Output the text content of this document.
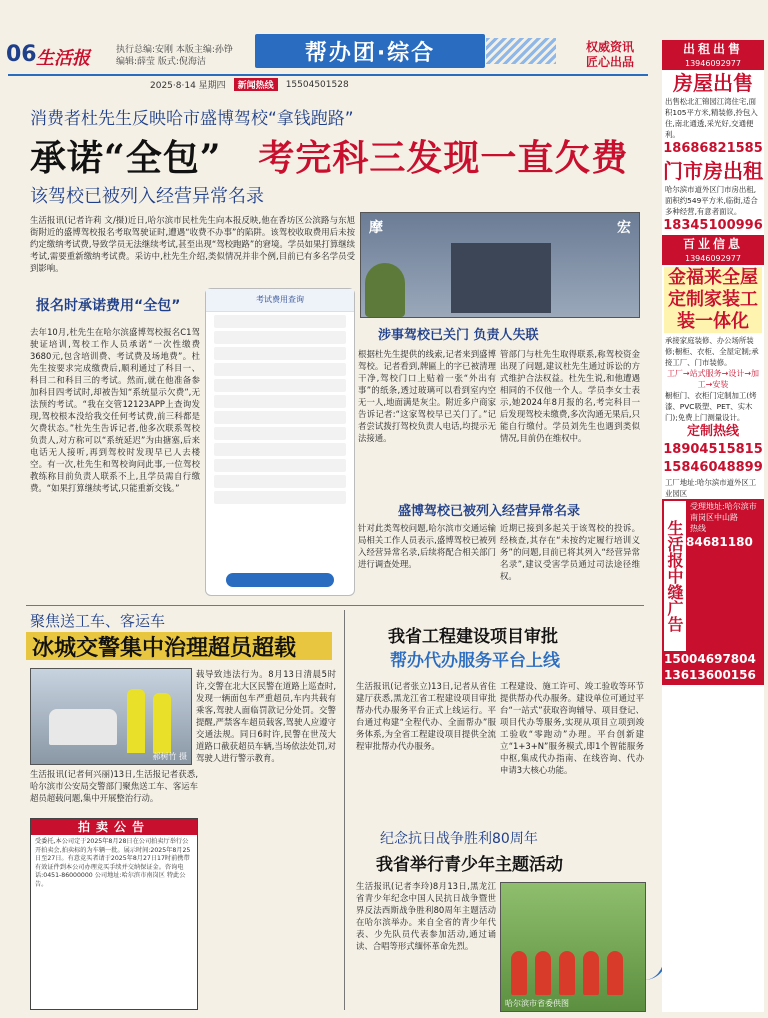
06 生活报	执行总编:安刚 本版主编:孙铮
编辑:薛莹 版式:倪海洁	帮办团·综合	权威资讯
匠心出品
2025·8·14 星期四	新闻热线	15504501528
消费者杜先生反映哈市盛博驾校“拿钱跑路”
承诺“全包”  考完科三发现一直欠费
该驾校已被列入经营异常名录
生活报讯(记者许莉 文/摄)近日,哈尔滨市民杜先生向本报反映,他在香坊区公滨路与东旭街附近的盛博驾校报名考取驾驶证时,遭遇“收费不办事”的陷阱。该驾校收取费用后未按约定缴纳考试费,导致学员无法继续考试,甚至出现“驾校跑路”的窘境。学员如果打算继续考试,需要重新缴纳考试费。采访中,杜先生介绍,类似情况并非个例,目前已有多名学员受到影响。
摩	宏
报名时承诺费用“全包”	考试费用查询
去年10月,杜先生在哈尔滨盛博驾校报名C1驾驶证培训,驾校工作人员承诺“一次性缴费3680元,包含培训费、考试费及场地费”。杜先生按要求完成缴费后,顺利通过了科目一、科目二和科目三的考试。然而,就在他准备参加科目四考试时,却被告知“系统显示欠费”,无法预约考试。“我在交管12123APP上查询发现,驾校根本没给我交任何考试费,前三科都是欠费状态。”杜先生告诉记者,他多次联系驾校负责人,对方称可以“系统延迟”为由搪塞,后来电话无人接听,再到驾校时发现早已人去楼空。有一次,杜先生和驾校询问此事,一位驾校教练称目前负责人联系不上,且学员需自行缴费。“如果打算继续考试,只能重新交钱。”
涉事驾校已关门 负责人失联
根据杜先生提供的线索,记者来到盛博驾校。记者看到,牌匾上的字已被清理干净,驾校门口上贴着一张“外出有事”的纸条,透过玻璃可以看到室内空无一人,地面满是灰尘。附近多户商家告诉记者:“这家驾校早已关门了。”记者尝试拨打驾校负责人电话,均提示无法接通。
管部门与杜先生取得联系,称驾校资金出现了问题,建议杜先生通过诉讼的方式维护合法权益。杜先生说,和他遭遇相同的不仅他一个人。学员李女士表示,她2024年8月报的名,考完科目一后发现驾校未缴费,多次沟通无果后,只能自行缴付。学员刘先生也遇到类似情况,目前仍在维权中。
盛博驾校已被列入经营异常名录
针对此类驾校问题,哈尔滨市交通运输局相关工作人员表示,盛博驾校已被列入经营异常名录,后续将配合相关部门进行调查处理。
近期已接到多起关于该驾校的投诉。经核查,其存在“未按约定履行培训义务”的问题,目前已将其列入“经营异常名录”,建议受害学员通过司法途径维权。
聚焦送工车、客运车
冰城交警集中治理超员超载
郝树竹 摄
生活报讯(记者何兴丽)13日,生活报记者获悉,哈尔滨市公安局交警部门聚焦送工车、客运车超员超载问题,集中开展整治行动。
载导致违法行为。8月13日清晨5时许,交警在北大区民警在道路上巡查时,发现一辆面包车严重超员,车内共载有乘客,驾驶人面临罚款记分处罚。交警提醒,严禁客车超员载客,驾驶人应遵守交通法规。同日6时许,民警在世茂大道路口截获超员车辆,当场依法处罚,对驾驶人进行警示教育。
拍卖公告
受委托,本公司定于2025年8月28日在公司拍卖厅举行公开拍卖会,拍卖标的为车辆一批。展示时间:2025年8月25日至27日。有意竞买者请于2025年8月27日17时前携带有效证件到本公司办理竞买手续并交纳保证金。咨询电话:0451-86000000 公司地址:哈尔滨市南岗区 特此公告。
我省工程建设项目审批
帮办代办服务平台上线
生活报讯(记者张立)13日,记者从省住建厅获悉,黑龙江省工程建设项目审批帮办代办服务平台正式上线运行。平台通过构建“全程代办、全面帮办”服务体系,为全省工程建设项目提供全流程审批帮办代办服务。
工程建设、施工许可、竣工验收等环节提供帮办代办服务。建设单位可通过平台“一站式”获取咨询辅导、项目登记、项目代办等服务,实现从项目立项到竣工验收“零跑动”办理。平台创新建立“1+3+N”服务模式,即1个智能服务中枢,集成代办指南、在线咨询、代办申请3大核心功能。
纪念抗日战争胜利80周年
我省举行青少年主题活动
生活报讯(记者李玲)8月13日,黑龙江省青少年纪念中国人民抗日战争暨世界反法西斯战争胜利80周年主题活动在哈尔滨举办。来自全省的青少年代表、少先队员代表参加活动,通过诵读、合唱等形式缅怀革命先烈。
哈尔滨市省委供图
出租出售
13946092977
房屋出售
出售松北汇锦园江湾住宅,面积105平方米,精装修,拎包入住,南北通透,采光好,交通便利。
18686821585
门市房出租
哈尔滨市道外区门市房出租,面积约549平方米,临街,适合多种经营,有意者面议。
18345100996
百业信息
13946092977
金福来全屋定制家装工装一体化
承接家庭装修、办公场所装修;橱柜、衣柜、全屋定制;承接工厂、门市装修。
工厂→站式服务→设计→加工→安装
橱柜门、衣柜门定制加工(烤漆、PVC吸塑、PET、实木门);免费上门测量设计。
定制热线
18904515815
15846048899
工厂地址:哈尔滨市道外区工业园区
生活报中缝广告
受理地址:哈尔滨市南岗区中山路
热线
84681180
15004697804
13613600156
